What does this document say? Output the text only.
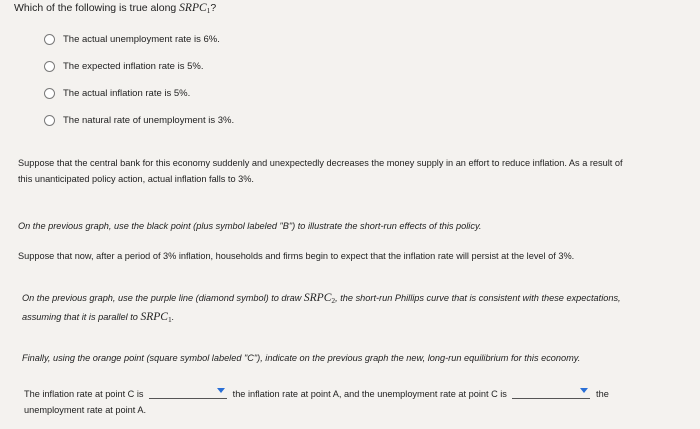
Which of the following is true along $SRPC_1$?
The actual unemployment rate is 6%.
The expected inflation rate is 5%.
The actual inflation rate is 5%.
The natural rate of unemployment is 3%.
Suppose that the central bank for this economy suddenly and unexpectedly decreases the money supply in an effort to reduce inflation. As a result of
this unanticipated policy action, actual inflation falls to 3%.
On the previous graph, use the black point (plus symbol labeled "B") to illustrate the short-run effects of this policy.
Suppose that now, after a period of 3% inflation, households and firms begin to expect that the inflation rate will persist at the level of 3%.
On the previous graph, use the purple line (diamond symbol) to draw $SRPC_2$, the short-run Phillips curve that is consistent with these expectations,
assuming that it is parallel to $SRPC_1$.
Finally, using the orange point (square symbol labeled "C"), indicate on the previous graph the new, long-run equilibrium for this economy.
The inflation rate at point C is	the inflation rate at point A, and the unemployment rate at point C is	the
unemployment rate at point A.
